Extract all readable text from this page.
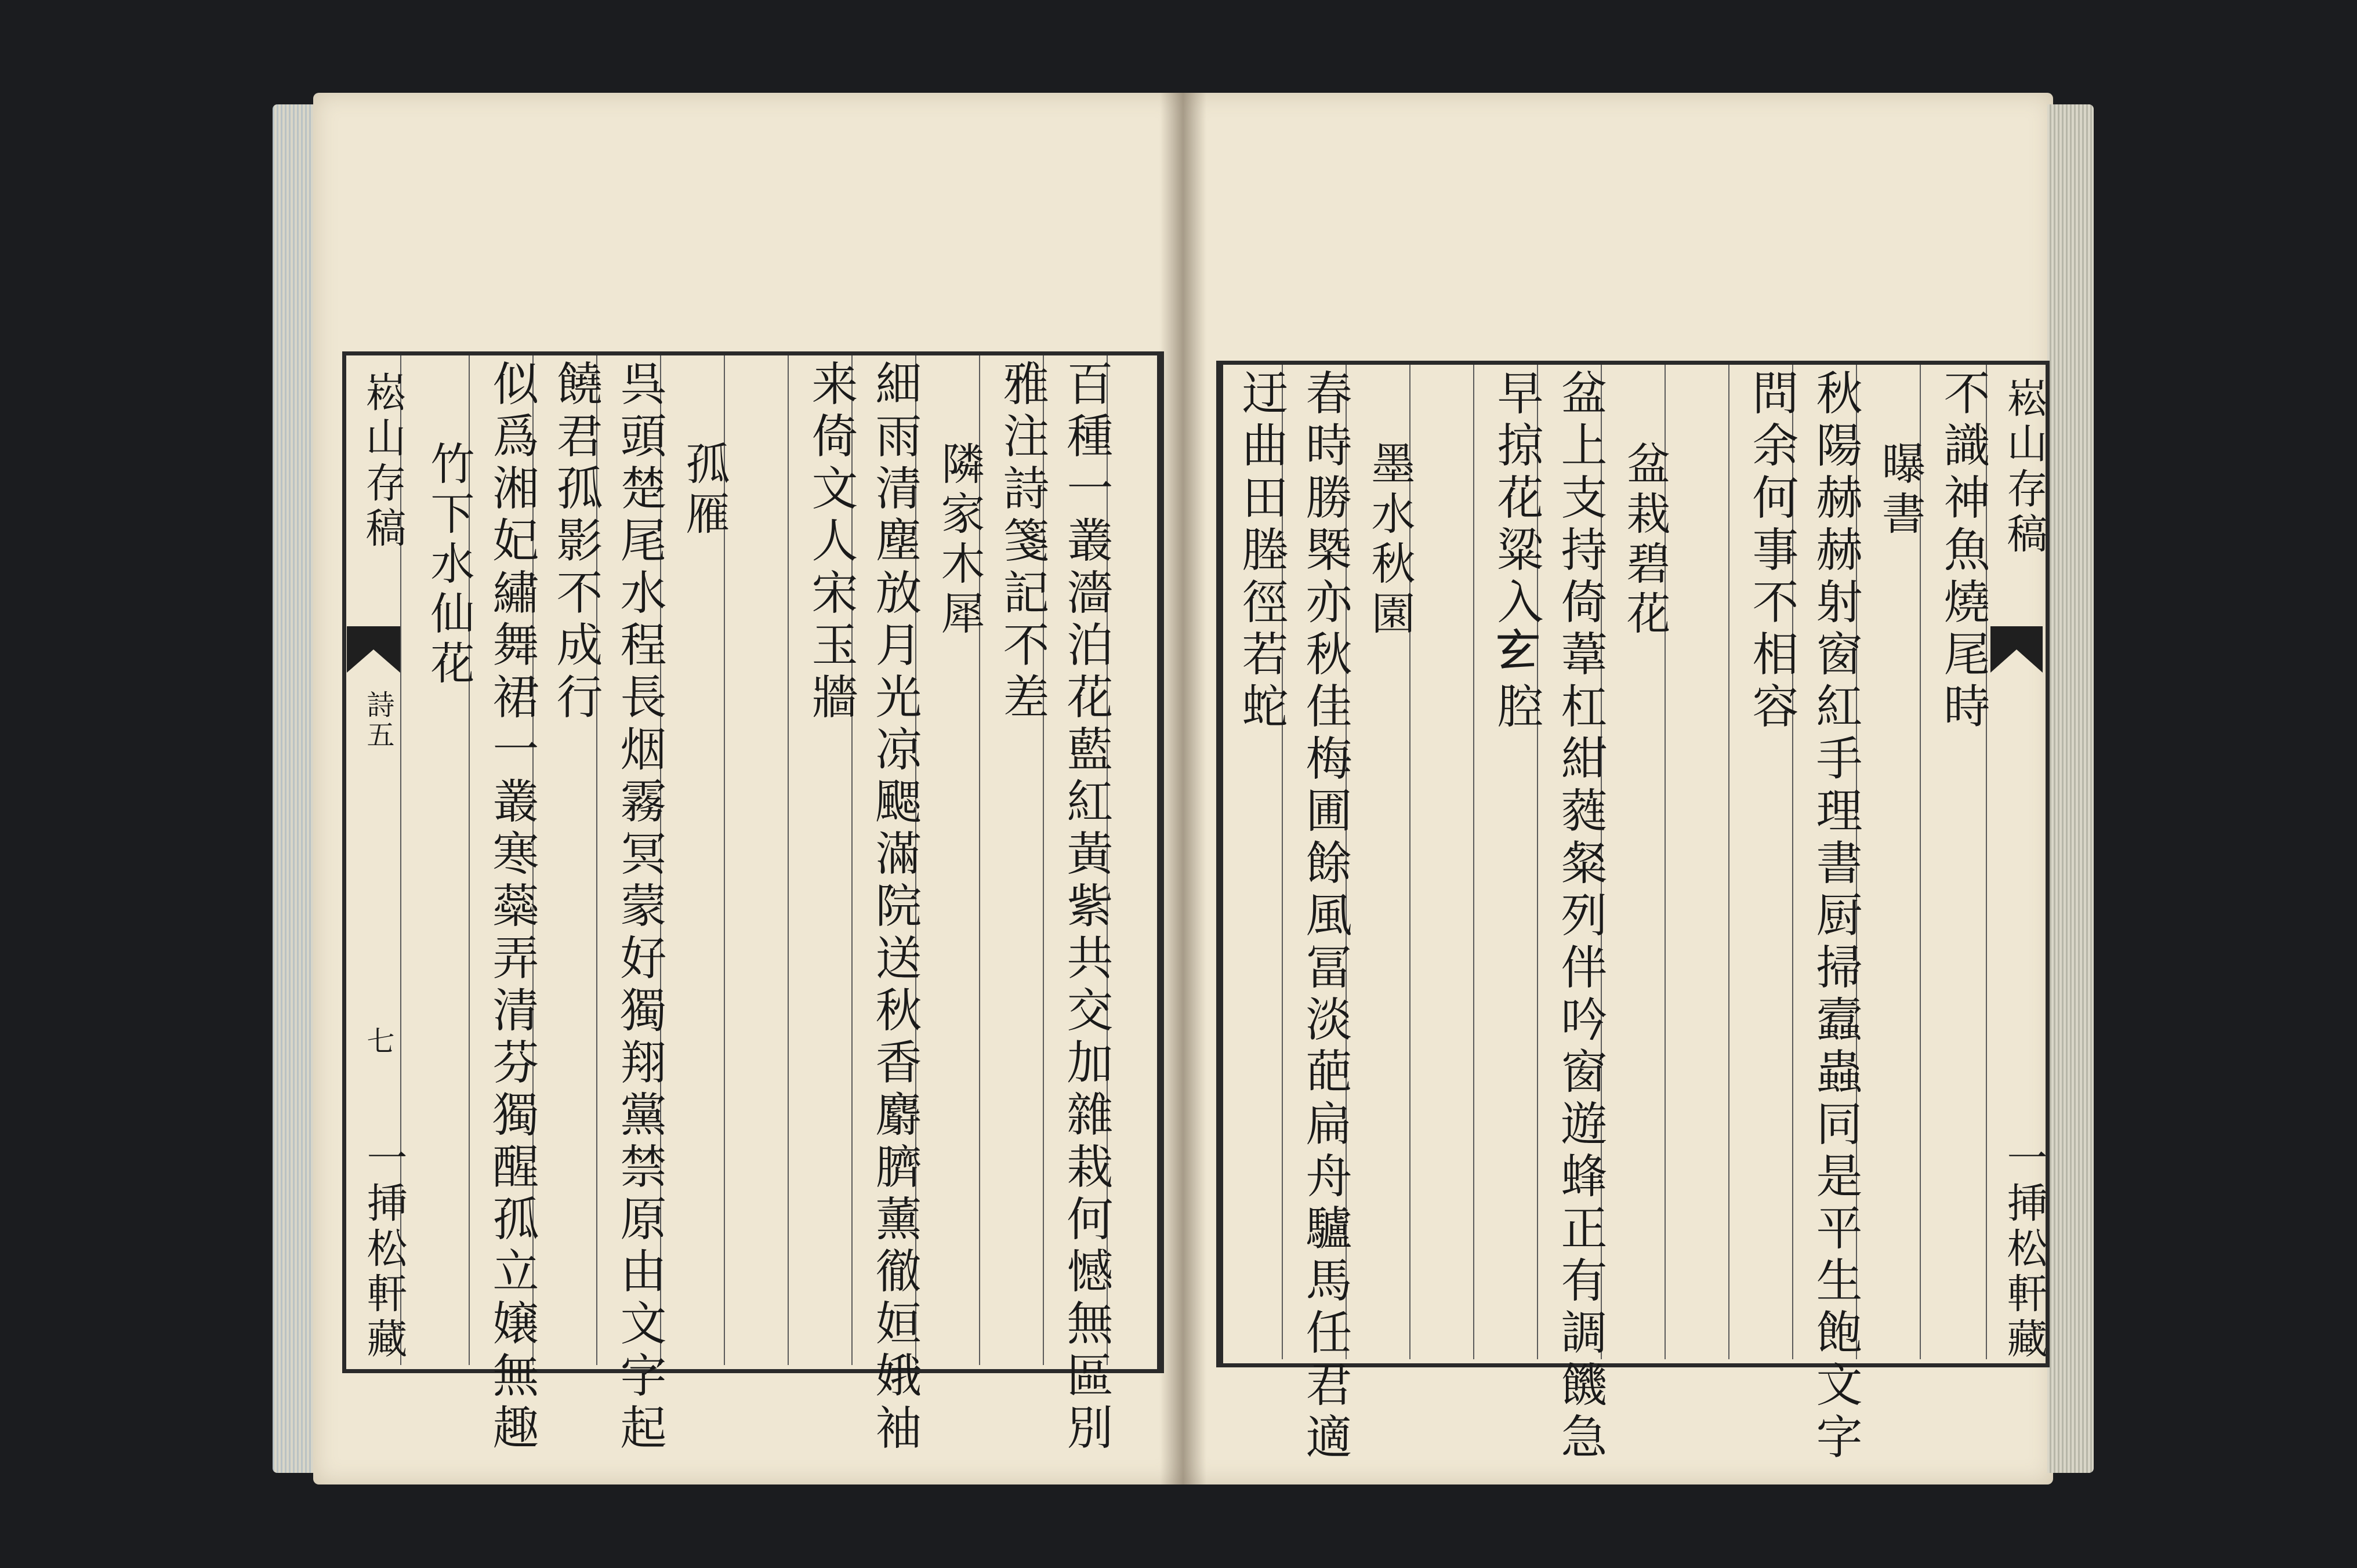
崧山存稿
詩五
七
一挿松軒藏	百種一叢濇泊花藍紅黃紫共交加雜栽何憾無區別
雅注詩箋記不差
隣家木犀
細雨清塵放月光凉颸滿院送秋香麝臍薰徹姮娥袖
来倚文人宋玉牆
孤雁
呉頭楚尾水程長烟霧冥蒙好獨翔黨禁原由文字起
饒君孤影不成行
竹下水仙花 似爲湘妃繡舞裙一叢寒蘂弄清芬獨醒孤立嬢無趣	崧山存稿
一挿松軒藏
不識神魚燒尾時
曝書
秋陽赫赫射窗紅手理書厨掃蠧蟲同是平生飽文字
問余何事不相容
盆栽碧花
盆上支持倚葦杠紺蕤粲列伴吟窗遊蜂正有調饑急
早掠花粱入𤣥腔
墨水秋園
春時勝槩亦秋佳梅圃餘風冨淡葩扁舟驢馬任君適
迂曲田塍徑若蛇
